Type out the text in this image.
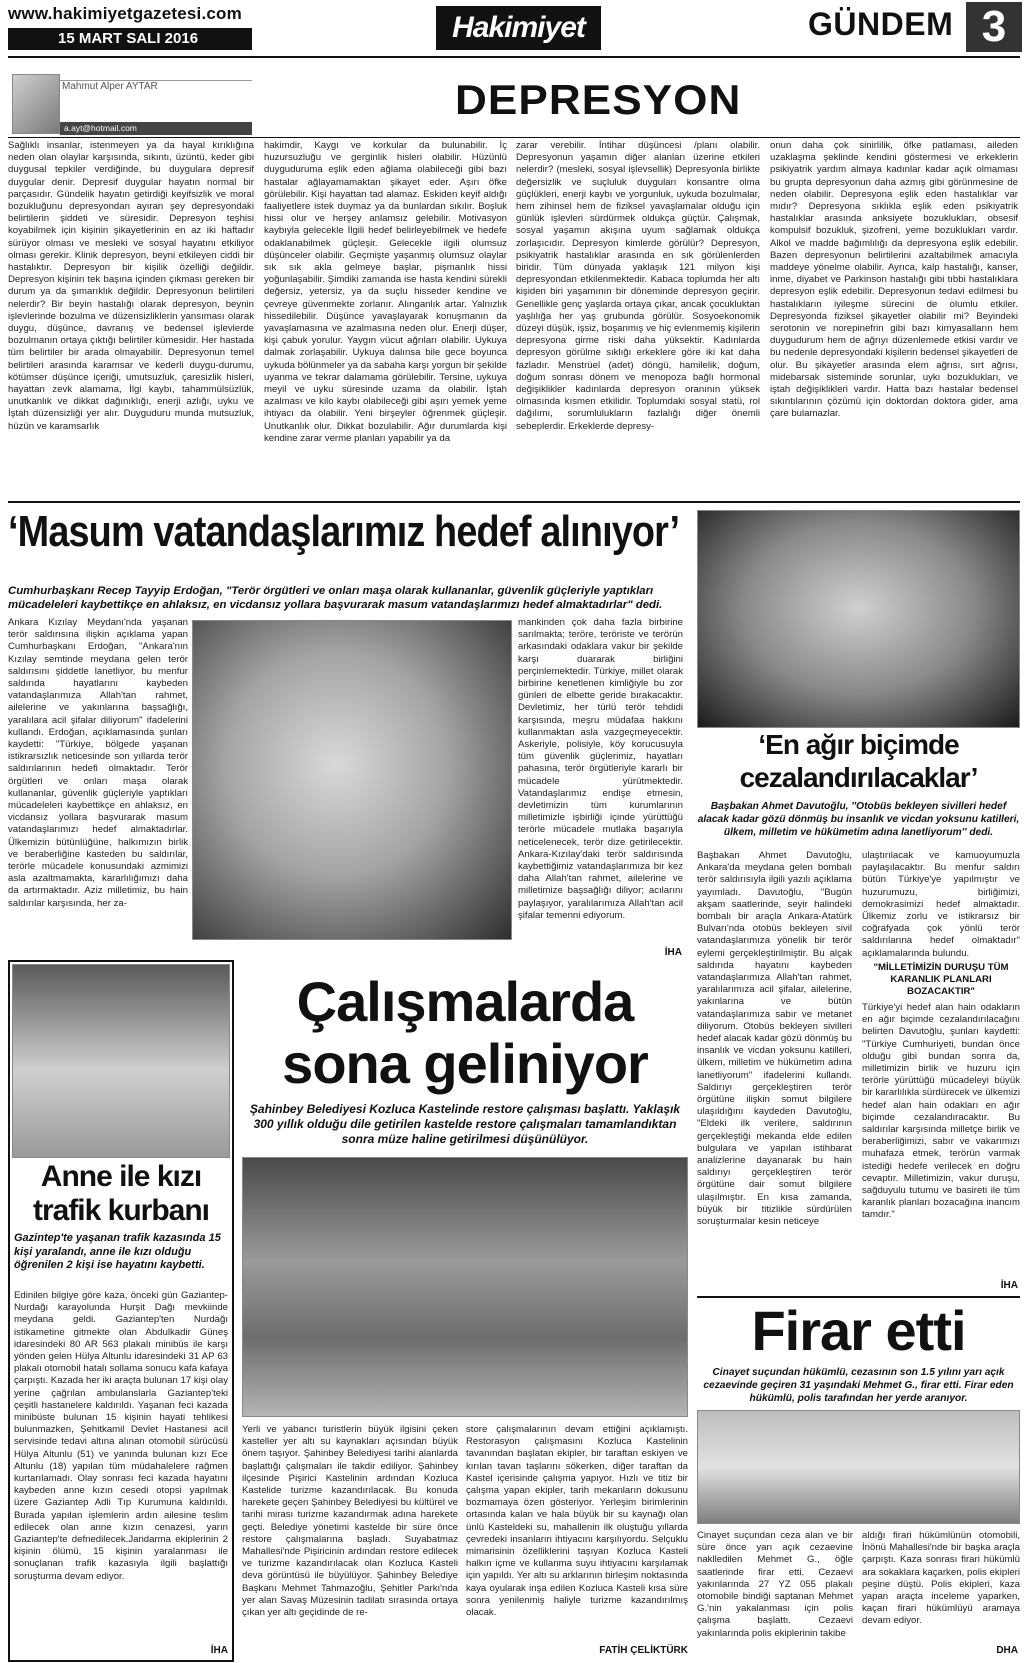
www.hakimiyetgazetesi.com
15 MART SALI 2016	Hakimiyet	GÜNDEM 3
Mahmut Alper AYTAR
a.ayt@hotmail.com
DEPRESYON
Sağlıklı insanlar, istenmeyen ya da hayal kırıklığına neden olan olaylar karşısında, sıkıntı, üzüntü, keder gibi duygusal tepkiler verdiğinde, bu duygulara depresif duygular denir. Depresif duygular hayatın normal bir parçasıdır. Gündelik hayatın getirdiği keyifsizlik ve moral bozukluğunu depresyondan ayıran şey depresyondaki belirtilerin şiddeti ve süresidir. Depresyon teşhisi koyabilmek için kişinin şikayetlerinin en az iki haftadır sürüyor olması ve mesleki ve sosyal hayatını etkiliyor olması gerekir. Klinik depresyon, beyni etkileyen ciddi bir hastalıktır. Depresyon bir kişilik özelliği değildir. Depresyon kişinin tek başına içinden çıkması gereken bir durum ya da şımarıklık değildir. Depresyonun belirtileri nelerdir? Bir beyin hastalığı olarak depresyon, beynin işlevlerinde bozulma ve düzensizliklerin yansıması olarak duygu, düşünce, davranış ve bedensel işlevlerde bozulmanın ortaya çıktığı belirtiler kümesidir. Her hastada tüm belirtiler bir arada olmayabilir. Depresyonun temel belirtileri arasında karamsar ve kederli duygu-durumu, kötümser düşünce içeriği, umutsuzluk, çaresizlik hisleri, hayattan zevk alamama, İlgi kaybı, tahammülsüzlük, unutkanlık ve dikkat dağınıklığı, enerji azlığı, uyku ve İştah düzensizliği yer alır. Duyguduru munda mutsuzluk, hüzün ve karamsarlık
hakimdir, Kaygı ve korkular da bulunabilir. İç huzursuzluğu ve gerginlik hisleri olabilir. Hüzünlü duyguduruma eşlik eden ağlama olabileceği gibi bazı hastalar ağlayamamaktan şikayet eder. Aşırı öfke görülebilir. Kişi hayattan tad alamaz. Eskiden keyif aldığı faaliyetlere istek duymaz ya da bunlardan sıkılır. Boşluk hissi olur ve herşey anlamsız gelebilir. Motivasyon kaybıyla gelecekle İlgili hedef belirleyebilmek ve hedefe odaklanabilmek güçleşir. Gelecekle ilgili olumsuz düşünceler olabilir. Geçmişte yaşanmış olumsuz olaylar sık sık akla gelmeye başlar, pişmanlık hissi yoğunlaşabilir. Şimdiki zamanda ise hasta kendini sürekli değersiz, yetersiz, ya da suçlu hisseder kendine ve çevreye güvenmekte zorlanır. Alınganlık artar. Yalnızlık hissedilebilir. Düşünce yavaşlayarak konuşmanın da yavaşlamasına ve azalmasına neden olur. Enerji düşer, kişi çabuk yorulur. Yaygın vücut ağrıları olabilir. Uykuya dalmak zorlaşabilir. Uykuya dalınsa bile gece boyunca uykuda bölünmeler ya da sabaha karşı yorgun bir şekilde uyanma ve tekrar dalamama görülebilir. Tersine, uykuya meyil ve uyku süresinde uzama da olabilir. İştah azalması ve kilo kaybı olabileceği gibi aşırı yemek yeme ihtiyacı da olabilir. Yeni birşeyler öğrenmek güçleşir. Unutkanlık olur. Dikkat bozulabilir. Ağır durumlarda kişi kendine zarar verme planları yapabilir ya da
zarar verebilir. İntihar düşüncesi /planı olabilir. Depresyonun yaşamın diğer alanları üzerine etkileri nelerdir? (mesleki, sosyal işlevsellik) Depresyonla birlikte değersizlik ve suçluluk duyguları konsantre olma güçlükleri, enerji kaybı ve yorgunluk, uykuda bozulmalar, hem zihinsel hem de fiziksel yavaşlamalar olduğu için günlük işlevleri sürdürmek oldukça güçtür. Çalışmak, sosyal yaşamın akışına uyum sağlamak oldukça zorlaşıcıdır. Depresyon kimlerde görülür? Depresyon, psikiyatrik hastalıklar arasında en sık görülenlerden biridir. Tüm dünyada yaklaşık 121 milyon kişi depresyondan etkilenmektedir. Kabaca toplumda her altı kişiden biri yaşamının bir döneminde depresyon geçirir. Genellikle genç yaşlarda ortaya çıkar, ancak çocukluktan yaşlılığa her yaş grubunda görülür. Sosyoekonomik düzeyi düşük, işsiz, boşanmış ve hiç evlenmemiş kişilerin depresyona girme riski daha yüksektir. Kadınlarda depresyon görülme sıklığı erkeklere göre iki kat daha fazladır. Menstrüel (adet) döngü, hamilelik, doğum, doğum sonrası dönem ve menopoza bağlı hormonal değişiklikler kadınlarda depresyon oranının yüksek olmasında kısmen etkilidir. Toplumdaki sosyal statü, rol dağılımı, sorumlulukların fazlalığı diğer önemli sebeplerdir. Erkeklerde depresy-
onun daha çok sinirlilik, öfke patlaması, aileden uzaklaşma şeklinde kendini göstermesi ve erkeklerin psikiyatrik yardım almaya kadınlar kadar açık olmaması bu grupta depresyonun daha azmış gibi görünmesine de neden olabilir. Depresyona eşlik eden hastalıklar var mıdır? Depresyona sıklıkla eşlik eden psikiyatrik hastalıklar arasında anksiyete bozuklukları, obsesif kompulsif bozukluk, şizofreni, yeme bozuklukları vardır. Alkol ve madde bağımlılığı da depresyona eşlik edebilir. Bazen depresyonun belirtilerini azaltabilmek amacıyla maddeye yönelme olabilir. Ayrıca, kalp hastalığı, kanser, inme, diyabet ve Parkinson hastalığı gibi tıbbi hastalıklara depresyon eşlik edebilir. Depresyonun tedavi edilmesi bu hastalıkların iyileşme sürecini de olumlu etkiler. Depresyonda fiziksel şikayetler olabilir mi? Beyindeki serotonin ve norepinefrin gibi bazı kimyasalların hem duygudurum hem de ağrıyı düzenlemede etkisi vardır ve bu nedenle depresyondaki kişilerin bedensel şikayetleri de olur. Bu şikayetler arasında elem ağrısı, sırt ağrısı, midebarsak sisteminde sorunlar, uykı bozuklukları, ve iştah değişiklikleri vardır. Hatta bazı hastalar bedensel sıkıntılarının çözümü için doktordan doktora gider, ama çare bulamazlar.
‘Masum vatandaşlarımız hedef alınıyor’
Cumhurbaşkanı Recep Tayyip Erdoğan, "Terör örgütleri ve onları maşa olarak kullananlar, güvenlik güçleriyle yaptıkları mücadeleleri kaybettikçe en ahlaksız, en vicdansız yollara başvurarak masum vatandaşlarımızı hedef almaktadırlar" dedi.
Ankara Kızılay Meydanı'nda yaşanan terör saldırısına ilişkin açıklama yapan Cumhurbaşkanı Erdoğan, "Ankara'nın Kızılay semtinde meydana gelen terör saldırısını şiddetle lanetliyor, bu menfur saldırıda hayatlarını kaybeden vatandaşlarımıza Allah'tan rahmet, ailelerine ve yakınlarına başsağlığı, yaralılara acil şifalar diliyorum" ifadelerini kullandı. Erdoğan, açıklamasında şunları kaydetti: "Türkiye, bölgede yaşanan istikrarsızlık neticesinde son yıllarda terör saldırılarının hedefi olmaktadır. Terör örgütleri ve onları maşa olarak kullananlar, güvenlik güçleriyle yaptıkları mücadeleleri kaybettikçe en ahlaksız, en vicdansız yollara başvurarak masum vatandaşlarımızı hedef almaktadırlar. Ülkemizin bütünlüğüne, halkımızın birlik ve beraberliğine kasteden bu saldırılar, terörle mücadele konusundaki azmimizi asla azaltmamakta, kararlılığımızı daha da artırmaktadır. Aziz milletimiz, bu hain saldırılar karşısında, her za-
mankinden çok daha fazla birbirine sarılmakta; teröre, teröriste ve terörün arkasındaki odaklara vakur bir şekilde karşı duararak birliğini perçinlemektedir. Türkiye, millet olarak birbirine kenetlenen kimliğiyle bu zor günleri de elbette geride bırakacaktır. Devletimiz, her türlü terör tehdidi karşısında, meşru müdafaa hakkını kullanmaktan asla vazgeçmeyecektir. Askeriyle, polisiyle, köy korucusuyla tüm güvenlik güçlerimiz, hayatları pahasına, terör örgütleriyle kararlı bir mücadele yürütmektedir. Vatandaşlarımız endişe etmesin, devletimizin tüm kurumlarının milletimizle işbirliği içinde yürüttüğü terörle mücadele mutlaka başarıyla neticelenecek, terör dize getirilecektir. Ankara-Kızılay'daki terör saldırısında kaybettiğimiz vatandaşlarımıza bir kez daha Allah'tan rahmet, ailelerine ve milletimize başsağlığı diliyor; acılarını paylaşıyor, yaralılarımıza Allah'tan acil şifalar temenni ediyorum.
İHA
‘En ağır biçimde
cezalandırılacaklar’
Başbakan Ahmet Davutoğlu, ''Otobüs bekleyen sivilleri hedef alacak kadar gözü dönmüş bu insanlık ve vicdan yoksunu katilleri, ülkem, milletim ve hükümetim adına lanetliyorum'' dedi.
Başbakan Ahmet Davutoğlu, Ankara'da meydana gelen bombalı terör saldırısıyla ilgili yazılı açıklama yayımladı. Davutoğlu, "Bugün akşam saatlerinde, seyir halindeki bombalı bir araçla Ankara-Atatürk Bulvarı'nda otobüs bekleyen sivil vatandaşlarımıza yönelik bir terör eylemi gerçekleştirilmiştir. Bu alçak saldırıda hayatını kaybeden vatandaşlarımıza Allah'tan rahmet, yaralılarımıza acil şifalar, ailelerine, yakınlarına ve bütün vatandaşlarımıza sabır ve metanet diliyorum. Otobüs bekleyen sivilleri hedef alacak kadar gözü dönmüş bu insanlık ve vicdan yoksunu katilleri, ülkem, milletim ve hükümetim adına lanetliyorum" ifadelerini kullandı. Saldırıyı gerçekleştiren terör örgütüne ilişkin somut bilgilere ulaşıldığını kaydeden Davutoğlu, "Eldeki ilk verilere, saldırının gerçekleştiği mekanda elde edilen bulgulara ve yapılan istihbarat analizlerine dayanarak bu hain saldırıyı gerçekleştiren terör örgütüne dair somut bilgilere ulaşılmıştır. En kısa zamanda, büyük bir titizlikle sürdürülen soruşturmalar kesin neticeye
ulaştırılacak ve kamuoyumuzla paylaşılacaktır. Bu menfur saldırı bütün Türkiye'ye yapılmıştır ve huzurumuzu, birliğimizi, demokrasimizi hedef almaktadır. Ülkemiz zorlu ve istikrarsız bir coğrafyada çok yönlü terör saldırılarına hedef olmaktadır" açıklamalarında bulundu.
"MİLLETİMİZİN DURUŞU TÜM KARANLIK PLANLARI BOZACAKTIR"
Türkiye'yi hedef alan hain odakların en ağır biçimde cezalandırılacağını belirten Davutoğlu, şunları kaydetti: "Türkiye Cumhuriyeti, bundan önce olduğu gibi bundan sonra da, milletimizin birlik ve huzuru için terörle yürüttüğü mücadeleyi büyük bir kararlılıkla sürdürecek ve ülkemizi hedef alan hain odakları en ağır biçimde cezalandıracaktır. Bu saldırılar karşısında milletçe birlik ve beraberliğimizi, sabır ve vakarımızı muhafaza etmek, terörün varmak istediği hedefe verilecek en doğru cevaptır. Milletimizin, vakur duruşu, sağduyulu tutumu ve basireti ile tüm karanlık planları bozacağına inancım tamdır."
İHA
Çalışmalarda
sona geliniyor
Şahinbey Belediyesi Kozluca Kastelinde restore çalışması başlattı. Yaklaşık 300 yıllık olduğu dile getirilen kastelde restore çalışmaları tamamlandıktan sonra müze haline getirilmesi düşünülüyor.
Yerli ve yabancı turistlerin büyük ilgisini çeken kasteller yer altı su kaynakları açısından büyük önem taşıyor. Şahinbey Belediyesi tarihi alanlarda başlattığı çalışmaları ile takdir ediliyor. Şahinbey ilçesinde Pişirici Kastelinin ardından Kozluca Kastelide turizme kazandırılacak. Bu konuda harekete geçen Şahinbey Belediyesi bu kültürel ve tarihi mirası turizme kazandırmak adına harekete geçti. Belediye yönetimi kastelde bir süre önce restore çalışmalarına başladı. Suyabatmaz Mahallesi'nde Pişiricinin ardından restore edilecek ve turizme kazandırılacak olan Kozluca Kasteli deva görüntüsü ile büyülüyor. Şahinbey Belediye Başkanı Mehmet Tahmazoğlu, Şehitler Parkı'nda yer alan Savaş Müzesinin tadilatı sırasında ortaya çıkan yer altı geçidinde de re-
store çalışmalarının devam ettiğini açıklamıştı. Restorasyon çalışmasını Kozluca Kastelinin tavanından başlatan ekipler, bir taraftan eskiyen ve kırılan tavan taşlarını sökerken, diğer taraftan da Kastel içerisinde çalışma yapıyor. Hızlı ve titiz bir çalışma yapan ekipler, tarih mekanların dokusunu bozmamaya özen gösteriyor. Yerleşim birimlerinin ortasında kalan ve hala büyük bir su kaynağı olan ünlü Kasteldeki su, mahallenin ilk oluştuğu yıllarda çevredeki insanların ihtiyacını karşılıyordu. Selçuklu mimarisinin özelliklerini taşıyan Kozluca Kasteli halkın içme ve kullanma suyu ihtiyacını karşılamak için yapıldı. Yer altı su arklarının birleşim noktasında kaya oyularak inşa edilen Kozluca Kasteli kısa süre sonra yenilenmiş haliyle turizme kazandırılmış olacak.
FATİH ÇELİKTÜRK
Anne ile kızı
trafik kurbanı
Gazintep'te yaşanan trafik kazasında 15 kişi yaralandı, anne ile kızı olduğu öğrenilen 2 kişi ise hayatını kaybetti.
Edinilen bilgiye göre kaza, önceki gün Gaziantep-Nurdağı karayolunda Hurşit Dağı mevkiinde meydana geldi. Gaziantep'ten Nurdağı istikametine gitmekte olan Abdulkadir Güneş idaresindeki 80 AR 563 plakalı minibüs ile karşı yönden gelen Hülya Altunlu idaresindeki 31 AP 63 plakalı otomobil hatalı sollama sonucu kafa kafaya çarpıştı. Kazada her iki araçta bulunan 17 kişi olay yerine çağrılan ambulanslarla Gaziantep'teki çeşitli hastanelere kaldırıldı. Yaşanan feci kazada minibüste bulunan 15 kişinin hayati tehlikesi bulunmazken, Şehitkamil Devlet Hastanesi acil servisinde tedavi altına alınan otomobil sürücüsü Hülya Altunlu (51) ve yanında bulunan kızı Ece Altunlu (18) yapılan tüm müdahalelere rağmen kurtarılamadı. Olay sonrası feci kazada hayatını kaybeden anne kızın cesedi otopsi yapılmak üzere Gaziantep Adli Tıp Kurumuna kaldırıldı. Burada yapılan işlemlerin ardın ailesine teslim edilecek olan anne kızın cenazesi, yarın Gaziantep'te defnedilecek.Jandarma ekiplerinin 2 kişinin ölümü, 15 kişinin yaralanması ile sonuçlanan trafik kazasıyla ilgili başlattığı soruşturma devam ediyor.
İHA
Firar etti
Cinayet suçundan hükümlü, cezasının son 1.5 yılını yarı açık cezaevinde geçiren 31 yaşındaki Mehmet G., firar etti. Firar eden hükümlü, polis tarafından her yerde aranıyor.
Cinayet suçundan ceza alan ve bir süre önce yarı açık cezaevine naklledilen Mehmet G., öğle saatlerinde firar etti. Cezaevi yakınlarında 27 YZ 055 plakalı otomobile bindiği saptanan Mehmet G.'nin yakalanması için polis çalışma başlattı. Cezaevi yakınlarında polis ekiplerinin takibe
aldığı firari hükümlünün otomobili, İnönü Mahallesi'nde bir başka araçla çarpıştı. Kaza sonrası firari hükümlü ara sokaklara kaçarken, polis ekipleri peşine düştü. Polis ekipleri, kaza yapan araçta inceleme yaparken, kaçan firari hükümlüyü aramaya devam ediyor.
DHA
